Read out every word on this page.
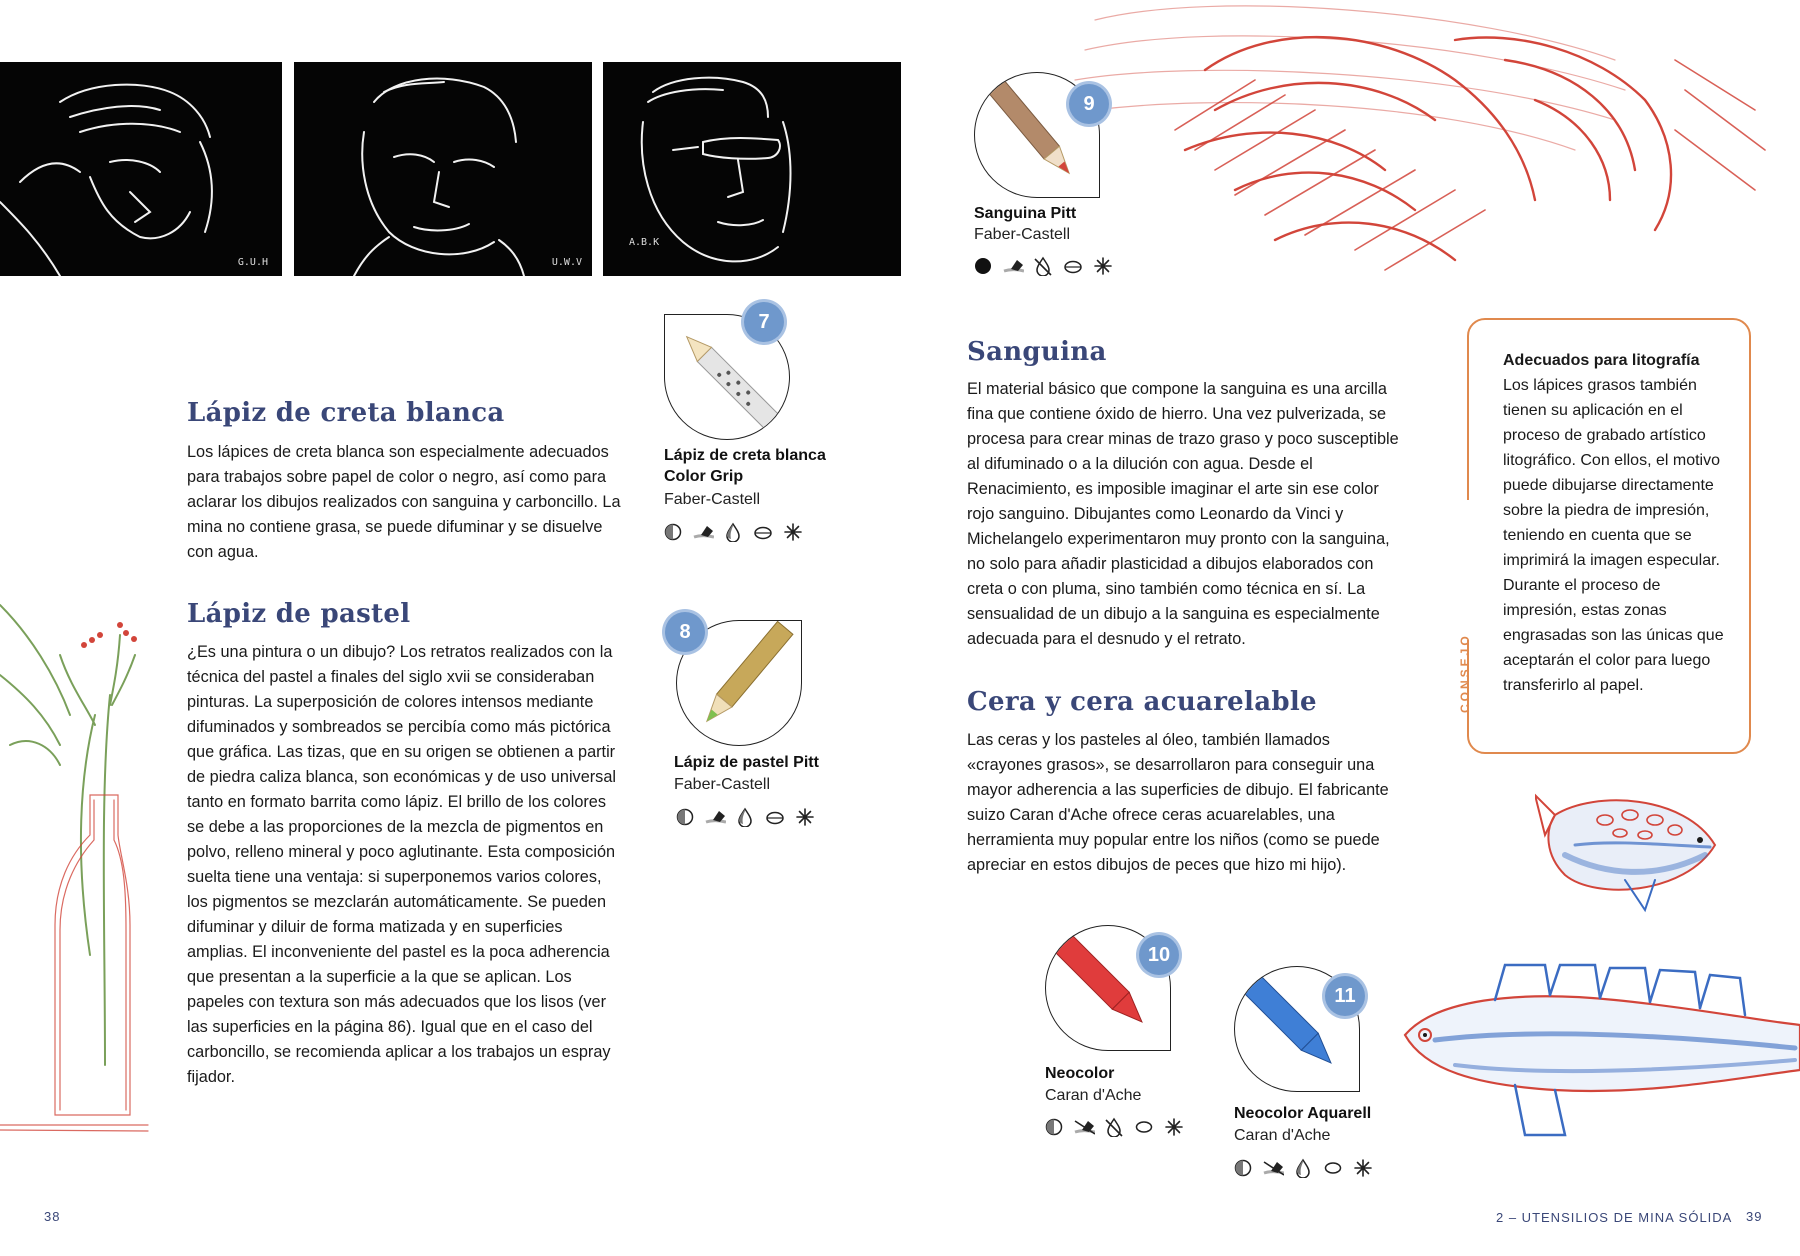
G.U.H	U.W.V
A.B.K
Lápiz de creta blanca

Los lápices de creta blanca son especialmente adecuados para trabajos sobre papel de color o negro, así como para aclarar los dibujos realizados con sanguina y carboncillo. La mina no contiene grasa, se puede difuminar y se disuelve con agua.

Lápiz de pastel

¿Es una pintura o un dibujo? Los retratos realizados con la técnica del pastel a finales del siglo xvii se consideraban pinturas. La superposición de colores intensos mediante difuminados y sombreados se percibía como más pictórica que gráfica. Las tizas, que en su origen se obtienen a partir de piedra caliza blanca, son económicas y de uso universal tanto en formato barrita como lápiz. El brillo de los colores se debe a las proporciones de la mezcla de pigmentos en polvo, relleno mineral y poco aglutinante. Esta composición suelta tiene una ventaja: si superponemos varios colores, los pigmentos se mezclarán automáticamente. Se pueden difuminar y diluir de forma matizada y en superficies amplias. El inconveniente del pastel es la poca adherencia que presentan a la superficie a la que se aplican. Los papeles con textura son más adecuados que los lisos (ver las superficies en la página 86). Igual que en el caso del carboncillo, se recomienda aplicar a los trabajos un espray fijador.

Sanguina

El material básico que compone la sanguina es una arcilla fina que contiene óxido de hierro. Una vez pulverizada, se procesa para crear minas de trazo graso y poco susceptible al difuminado o a la dilución con agua. Desde el Renacimiento, es imposible imaginar el arte sin ese color rojo sanguino. Dibujantes como Leonardo da Vinci y Michelangelo experimentaron muy pronto con la sanguina, no solo para añadir plasticidad a dibujos elaborados con creta o con pluma, sino también como técnica en sí. La sensualidad de un dibujo a la sanguina es especialmente adecuada para el desnudo y el retrato.

Cera y cera acuarelable

Las ceras y los pasteles al óleo, también llamados «crayones grasos», se desarrollaron para conseguir una mayor adherencia a las superficies de dibujo. El fabricante suizo Caran d'Ache ofrece ceras acuarelables, una herramienta muy popular entre los niños (como se puede apreciar en estos dibujos de peces que hizo mi hijo).

7
Lápiz de creta blanca Color Grip
Faber-Castell
8
Lápiz de pastel Pitt
Faber-Castell
9
Sanguina Pitt
Faber-Castell
10
Neocolor
Caran d'Ache
11
Neocolor Aquarell
Caran d'Ache
CONSEJO
Adecuados para litografía
Los lápices grasos también tienen su aplicación en el proceso de grabado artístico litográfico. Con ellos, el motivo puede dibujarse directamente sobre la piedra de impresión, teniendo en cuenta que se imprimirá la imagen especular. Durante el proceso de impresión, estas zonas engrasadas son las únicas que aceptarán el color para luego transferirlo al papel.
38	2 – UTENSILIOS DE MINA SÓLIDA 39
